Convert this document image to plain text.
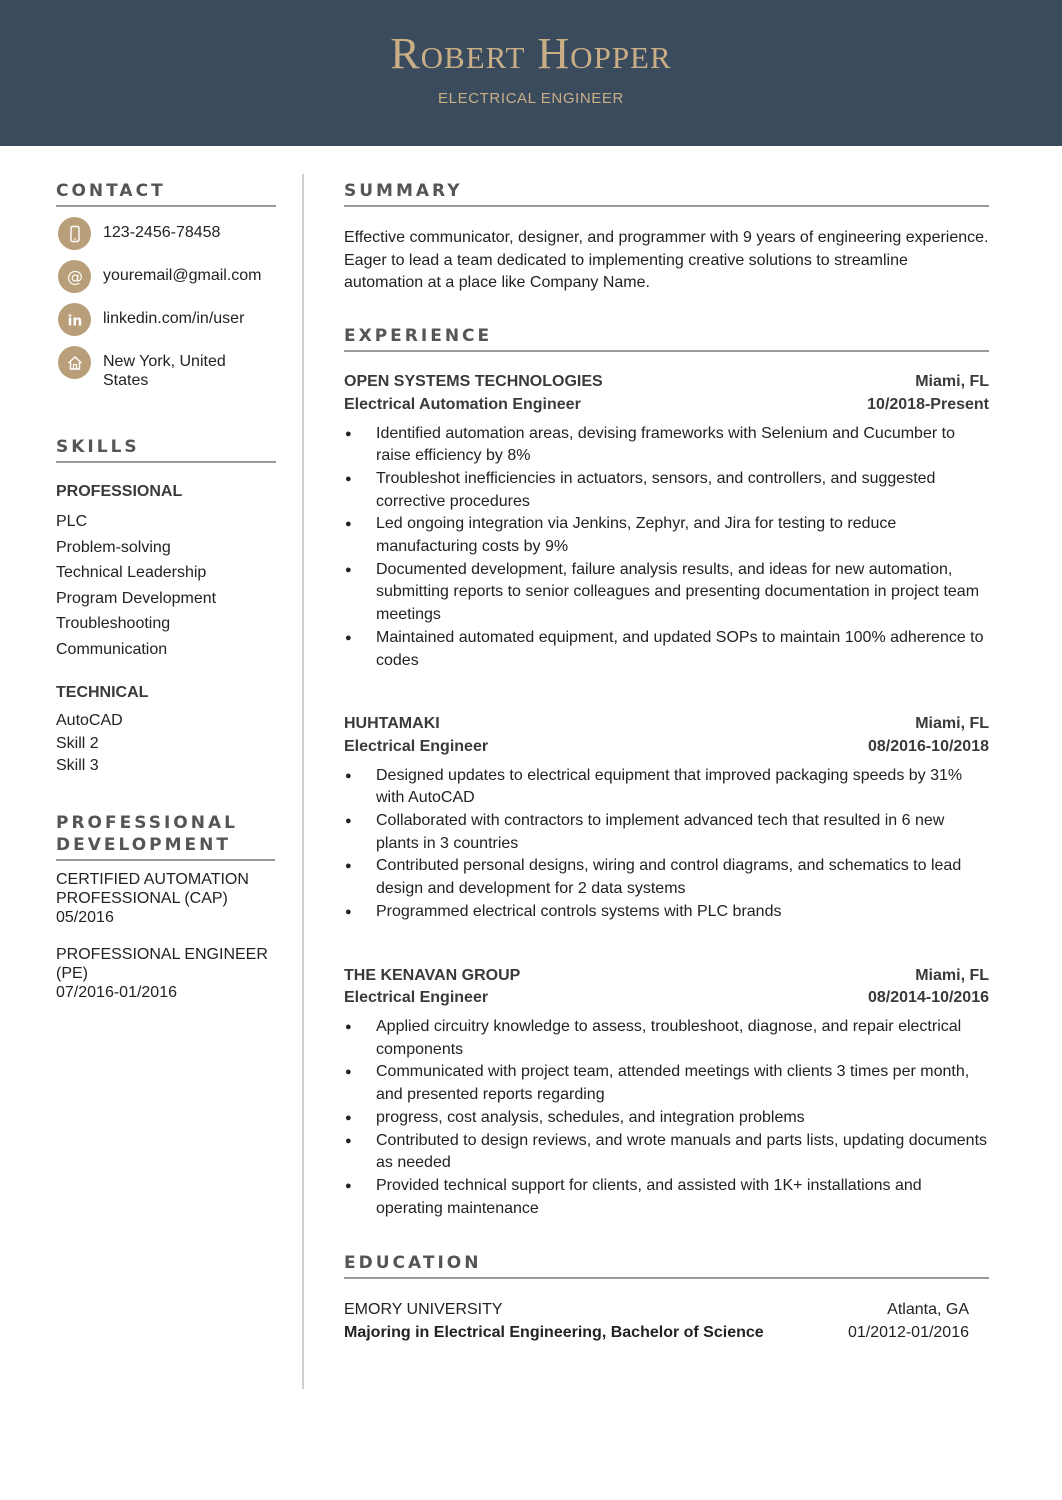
Robert Hopper
ELECTRICAL ENGINEER
CONTACT
123-2456-78458
@ youremail@gmail.com
in linkedin.com/in/user
New York, United States
SKILLS
PROFESSIONAL
PLC
Problem-solving
Technical Leadership
Program Development
Troubleshooting
Communication
TECHNICAL
AutoCAD
Skill 2
Skill 3
PROFESSIONAL DEVELOPMENT
CERTIFIED AUTOMATION PROFESSIONAL (CAP)
05/2016
PROFESSIONAL ENGINEER (PE)
07/2016-01/2016
SUMMARY
Effective communicator, designer, and programmer with 9 years of engineering experience. Eager to lead a team dedicated to implementing creative solutions to streamline automation at a place like Company Name.
EXPERIENCE
OPEN SYSTEMS TECHNOLOGIES	Miami, FL
Electrical Automation Engineer	10/2018-Present
● Identified automation areas, devising frameworks with Selenium and Cucumber to raise efficiency by 8%
● Troubleshot inefficiencies in actuators, sensors, and controllers, and suggested corrective procedures
● Led ongoing integration via Jenkins, Zephyr, and Jira for testing to reduce manufacturing costs by 9%
● Documented development, failure analysis results, and ideas for new automation, submitting reports to senior colleagues and presenting documentation in project team meetings
● Maintained automated equipment, and updated SOPs to maintain 100% adherence to codes
HUHTAMAKI	Miami, FL
Electrical Engineer	08/2016-10/2018
● Designed updates to electrical equipment that improved packaging speeds by 31% with AutoCAD
● Collaborated with contractors to implement advanced tech that resulted in 6 new plants in 3 countries
● Contributed personal designs, wiring and control diagrams, and schematics to lead design and development for 2 data systems
● Programmed electrical controls systems with PLC brands
THE KENAVAN GROUP	Miami, FL
Electrical Engineer	08/2014-10/2016
● Applied circuitry knowledge to assess, troubleshoot, diagnose, and repair electrical components
● Communicated with project team, attended meetings with clients 3 times per month, and presented reports regarding
● progress, cost analysis, schedules, and integration problems
● Contributed to design reviews, and wrote manuals and parts lists, updating documents as needed
● Provided technical support for clients, and assisted with 1K+ installations and operating maintenance
EDUCATION
EMORY UNIVERSITY	Atlanta, GA
Majoring in Electrical Engineering, Bachelor of Science	01/2012-01/2016
